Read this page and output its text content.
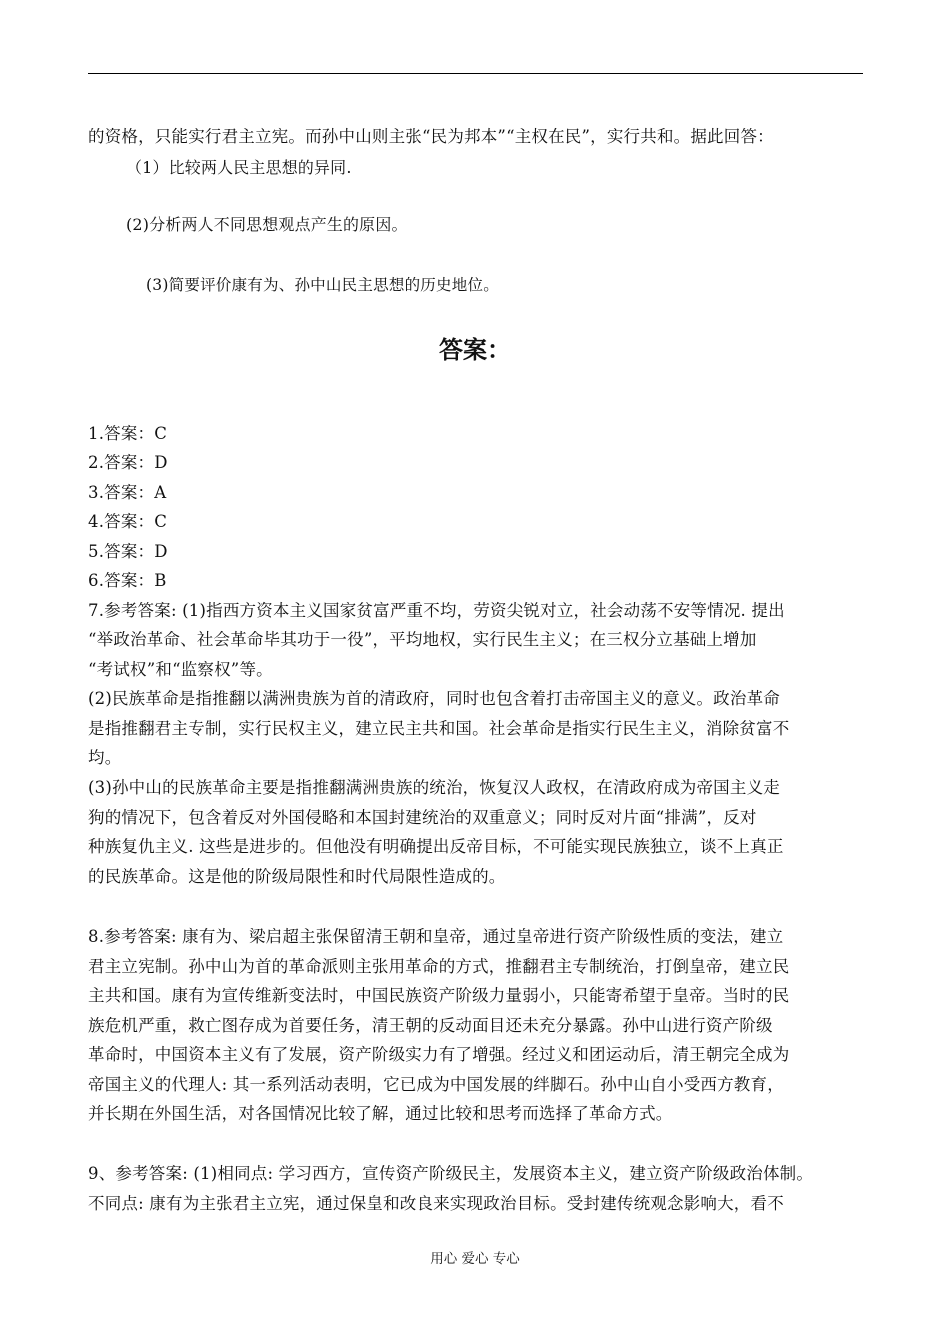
的资格，只能实行君主立宪。而孙中山则主张“民为邦本”“主权在民”，实行共和。据此回答：
（1）比较两人民主思想的异同.
(2)分析两人不同思想观点产生的原因。
(3)简要评价康有为、孙中山民主思想的历史地位。
答案：
1.答案：C
2.答案：D
3.答案：A
4.答案：C
5.答案：D
6.答案：B
7.参考答案: (1)指西方资本主义国家贫富严重不均，劳资尖锐对立，社会动荡不安等情况. 提出
“举政治革命、社会革命毕其功于一役”，平均地权，实行民生主义；在三权分立基础上增加
“考试权”和“监察权”等。
(2)民族革命是指推翻以满洲贵族为首的清政府，同时也包含着打击帝国主义的意义。政治革命
是指推翻君主专制，实行民权主义，建立民主共和国。社会革命是指实行民生主义，消除贫富不
均。
(3)孙中山的民族革命主要是指推翻满洲贵族的统治，恢复汉人政权，在清政府成为帝国主义走
狗的情况下，包含着反对外国侵略和本国封建统治的双重意义；同时反对片面“排满”，反对
种族复仇主义. 这些是进步的。但他没有明确提出反帝目标，不可能实现民族独立，谈不上真正
的民族革命。这是他的阶级局限性和时代局限性造成的。
8.参考答案: 康有为、梁启超主张保留清王朝和皇帝，通过皇帝进行资产阶级性质的变法，建立
君主立宪制。孙中山为首的革命派则主张用革命的方式，推翻君主专制统治，打倒皇帝，建立民
主共和国。康有为宣传维新变法时，中国民族资产阶级力量弱小，只能寄希望于皇帝。当时的民
族危机严重，救亡图存成为首要任务，清王朝的反动面目还未充分暴露。孙中山进行资产阶级
革命时，中国资本主义有了发展，资产阶级实力有了增强。经过义和团运动后，清王朝完全成为
帝国主义的代理人: 其一系列活动表明，它已成为中国发展的绊脚石。孙中山自小受西方教育，
并长期在外国生活，对各国情况比较了解，通过比较和思考而选择了革命方式。
9、参考答案: (1)相同点: 学习西方，宣传资产阶级民主，发展资本主义，建立资产阶级政治体制。
不同点: 康有为主张君主立宪，通过保皇和改良来实现政治目标。受封建传统观念影响大，看不
用心 爱心 专心
